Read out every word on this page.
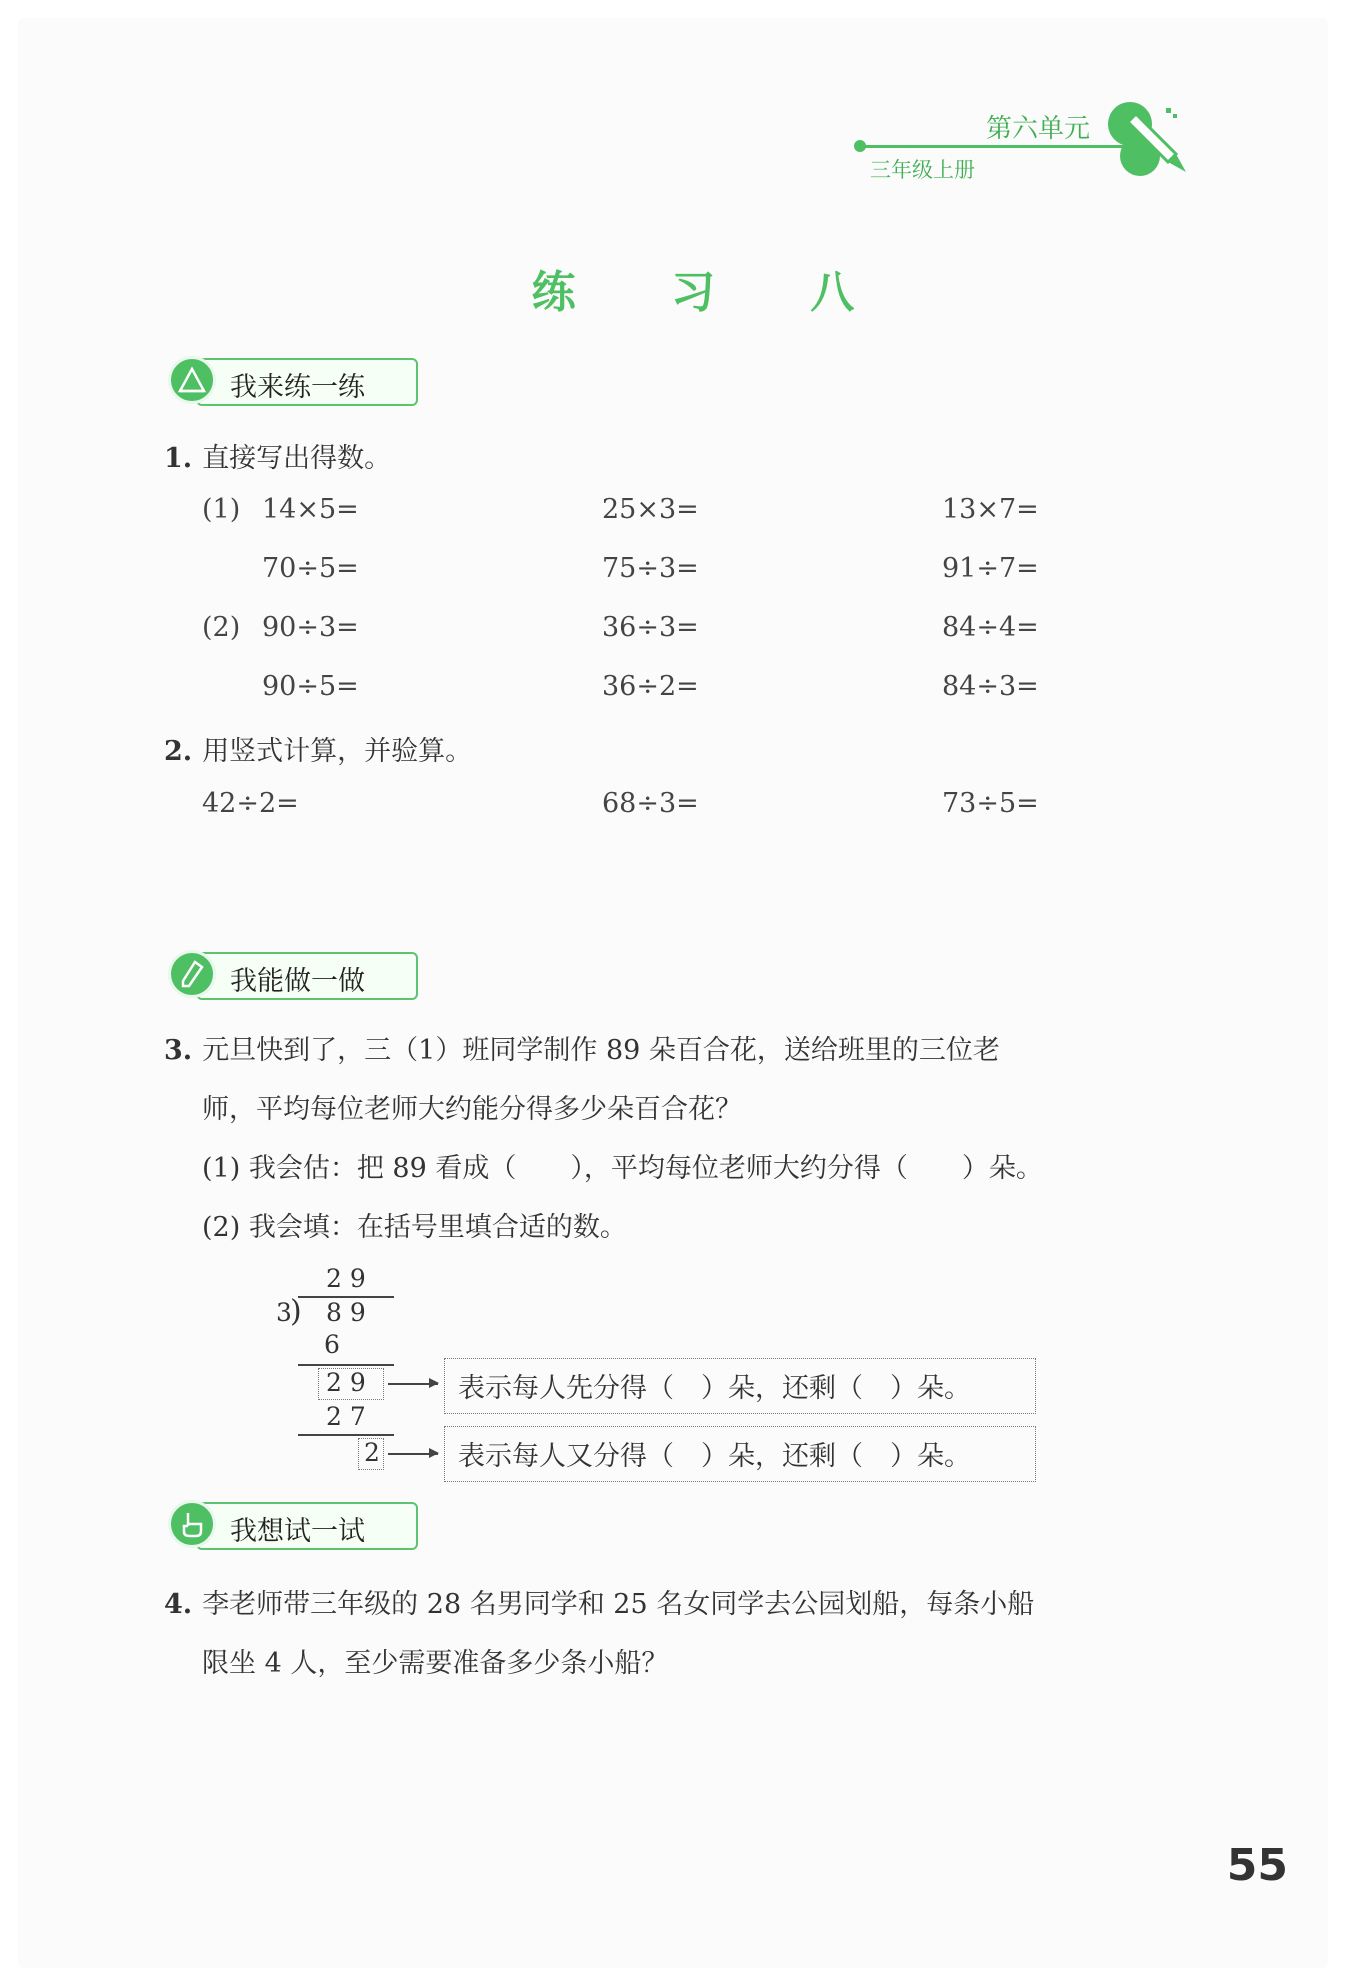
第六单元
三年级上册
练 习 八
我来练一练
1. 直接写出得数。
(1) 14×5=	25×3=	13×7=
70÷5=	75÷3=	91÷7=
(2) 90÷3=	36÷3=	84÷4=
90÷5=	36÷2=	84÷3=
2. 用竖式计算，并验算。
42÷2=	68÷3=	73÷5=
我能做一做
3. 元旦快到了，三（1）班同学制作 89 朵百合花，送给班里的三位老
师，平均每位老师大约能分得多少朵百合花？
(1) 我会估：把 89 看成（　　），平均每位老师大约分得（　　）朵。
(2) 我会填：在括号里填合适的数。
2 9
3
) 8 9
6
2 9	表示每人先分得（　）朵，还剩（　）朵。
2 7
2	表示每人又分得（　）朵，还剩（　）朵。
我想试一试
4. 李老师带三年级的 28 名男同学和 25 名女同学去公园划船，每条小船
限坐 4 人，至少需要准备多少条小船？
55
